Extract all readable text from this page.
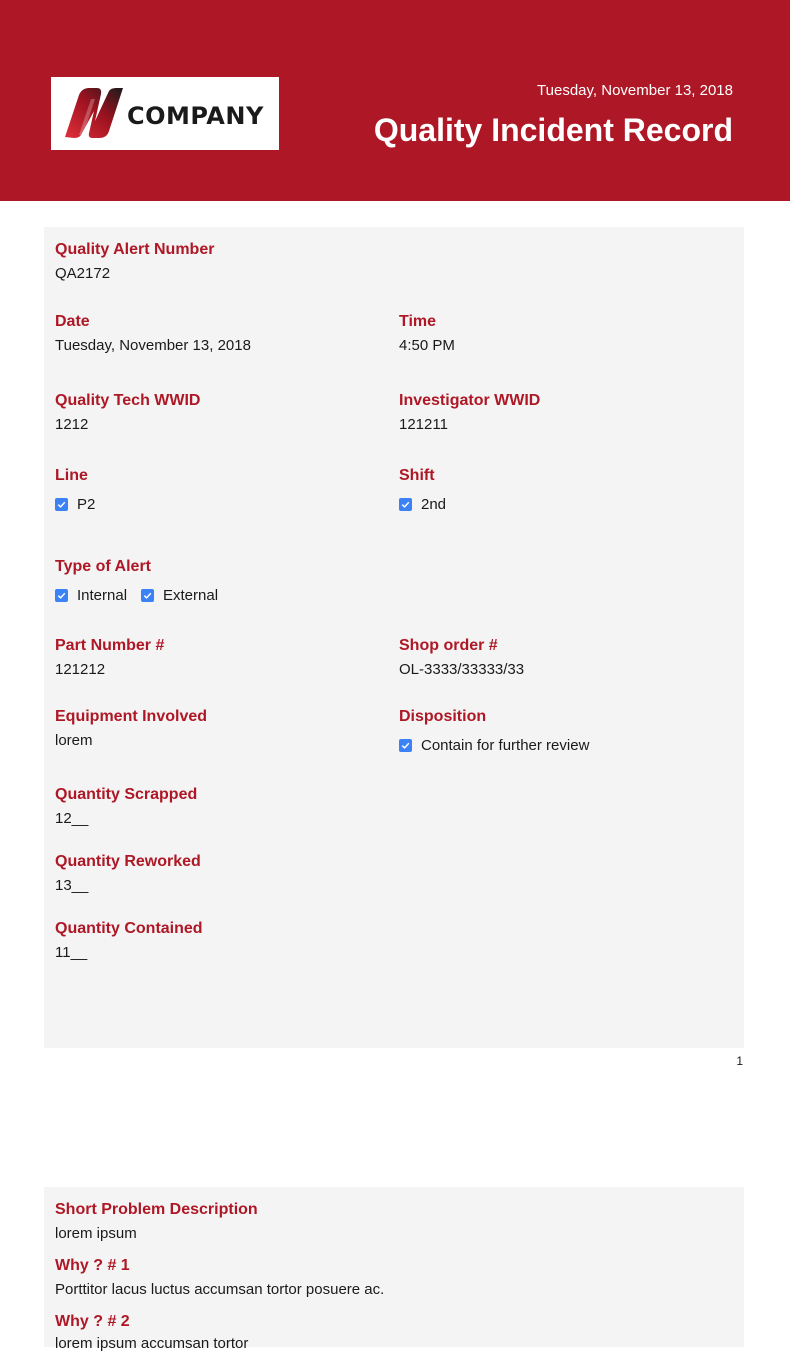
COMPANY
Tuesday, November 13, 2018
Quality Incident Record
Quality Alert Number
QA2172
Date
Tuesday, November 13, 2018
Time
4:50 PM
Quality Tech WWID
1212
Investigator WWID
121211
Line
P2
Shift
2nd
Type of Alert
Internal External
Part Number #
121212
Shop order #
OL-3333/33333/33
Equipment Involved
lorem
Disposition
Contain for further review
Quantity Scrapped
12__
Quantity Reworked
13__
Quantity Contained
11__
1
Short Problem Description
lorem ipsum
Why ? # 1
Porttitor lacus luctus accumsan tortor posuere ac.
Why ? # 2
lorem ipsum accumsan tortor
